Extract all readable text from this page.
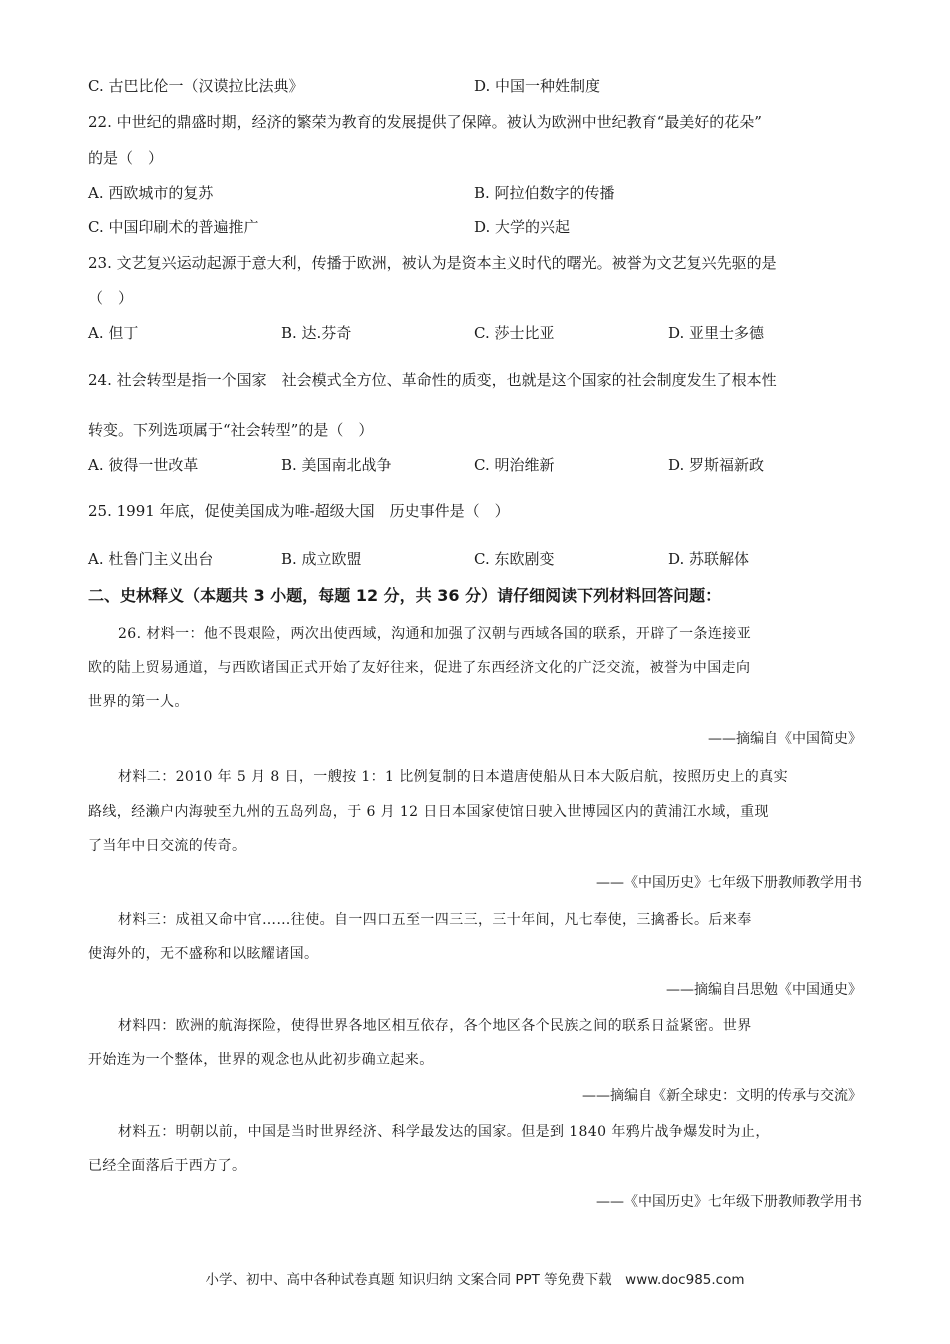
C. 古巴比伦一（汉谟拉比法典》	D. 中国一种姓制度
22. 中世纪的鼎盛时期，经济的繁荣为教育的发展提供了保障。被认为欧洲中世纪教育“最美好的花朵”
的是（　）
A. 西欧城市的复苏	B. 阿拉伯数字的传播
C. 中国印刷术的普遍推广	D. 大学的兴起
23. 文艺复兴运动起源于意大利，传播于欧洲，被认为是资本主义时代的曙光。被誉为文艺复兴先驱的是
（　）
A. 但丁	B. 达.芬奇	C. 莎士比亚	D. 亚里士多德
24. 社会转型是指一个国家　社会模式全方位、革命性的质变，也就是这个国家的社会制度发生了根本性
转变。下列选项属于“社会转型”的是（　）
A. 彼得一世改革	B. 美国南北战争	C. 明治维新	D. 罗斯福新政
25. 1991 年底，促使美国成为唯-超级大国　历史事件是（　）
A. 杜鲁门主义出台	B. 成立欧盟	C. 东欧剧变	D. 苏联解体
二、史林释义（本题共 3 小题，每题 12 分，共 36 分）请仔细阅读下列材料回答问题：
26. 材料一：他不畏艰险，两次出使西域，沟通和加强了汉朝与西域各国的联系，开辟了一条连接亚
欧的陆上贸易通道，与西欧诸国正式开始了友好往来，促进了东西经济文化的广泛交流，被誉为中国走向
世界的第一人。
——摘编自《中国简史》
材料二：2010 年 5 月 8 日，一艘按 1：1 比例复制的日本遣唐使船从日本大阪启航，按照历史上的真实
路线，经濑户内海驶至九州的五岛列岛，于 6 月 12 日日本国家使馆日驶入世博园区内的黄浦江水域，重现
了当年中日交流的传奇。
——《中国历史》七年级下册教师教学用书
材料三：成祖又命中官……往使。自一四口五至一四三三，三十年间，凡七奉使，三擒番长。后来奉
使海外的，无不盛称和以眩耀诸国。
——摘编自吕思勉《中国通史》
材料四：欧洲的航海探险，使得世界各地区相互依存，各个地区各个民族之间的联系日益紧密。世界
开始连为一个整体，世界的观念也从此初步确立起来。
——摘编自《新全球史：文明的传承与交流》
材料五：明朝以前，中国是当时世界经济、科学最发达的国家。但是到 1840 年鸦片战争爆发时为止，
已经全面落后于西方了。
——《中国历史》七年级下册教师教学用书
小学、初中、高中各种试卷真题 知识归纳 文案合同 PPT 等免费下载　www.doc985.com
